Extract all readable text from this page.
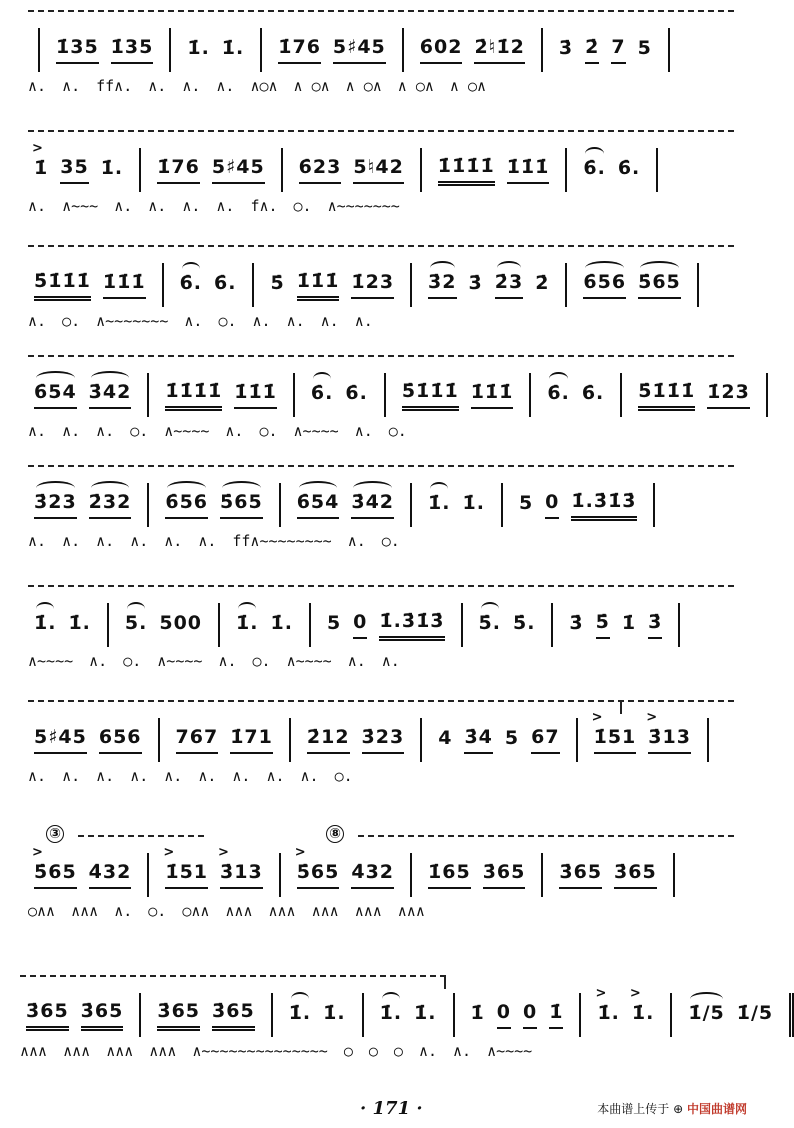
1̇35 1̇35 1̇. 1̇. 1̇76 5♯45 6̇02 2̇♮1̇2 3̇ 2̇ 7 5
∧. ∧. ff∧. ∧. ∧. ∧. ∧○∧ ∧ ○∧ ∧ ○∧ ∧ ○∧ ∧ ○∧
> 1̇ 35 1̇. 1̇76 5♯45 6̇23 5♮42 1̇1̇1̇1̇ 1̇1̇1̇ 6̇. 6̇.
∧. ∧~~~ ∧. ∧. ∧. ∧. f∧. ○. ∧~~~~~~~
5̇1̇1̇1̇ 1̇1̇1̇ 6̇. 6̇. 5̇ 1̇1̇1̇ 1̇23 3̇2 3̇ 2̇3 2̇ 6̇56 5̇65
∧. ○. ∧~~~~~~~ ∧. ○. ∧. ∧. ∧. ∧.
6̇54 3̇42 1̇1̇1̇1̇ 1̇1̇1̇ 6̇. 6̇. 5̇1̇1̇1̇ 1̇1̇1̇ 6̇. 6̇. 5̇1̇1̇1̇ 1̇23
∧. ∧. ∧. ○. ∧~~~~ ∧. ○. ∧~~~~ ∧. ○.
3̇23 2̇32 6̇56 5̇65 6̇54 3̇42 1̇. 1̇. 5 0 1̇.3̇1̇3̇
∧. ∧. ∧. ∧. ∧. ∧. ff∧~~~~~~~~ ∧. ○.
1̇. 1̇. 5. 500 1̇. 1̇. 5 0 1̇.3̇1̇3̇ 5̇. 5̇. 3̇ 5̇ 1̇ 3̇
∧~~~~ ∧. ○. ∧~~~~ ∧. ○. ∧~~~~ ∧. ∧.
5♯45 656 767 1̇71 2̇12 3̇23 4 3̇4 5 67 > 1̇51 > 3̇13
∧. ∧. ∧. ∧. ∧. ∧. ∧. ∧. ∧. ○.
③	⑧
> 5̇65 4̇32 > 1̇51 > 3̇13 > 5̇65 4̇32 1̇65 3̇65 3̇65 3̇65
○∧∧ ∧∧∧ ∧. ○. ○∧∧ ∧∧∧ ∧∧∧ ∧∧∧ ∧∧∧ ∧∧∧
3̇65 3̇65 3̇65 3̇65 1̇. 1̇. 1̇. 1̇. 1̇ 0 0 1̇ > 1̇. > 1̇. 1̇/5 1̇/5
∧∧∧ ∧∧∧ ∧∧∧ ∧∧∧ ∧~~~~~~~~~~~~~~ ○ ○ ○ ∧. ∧. ∧~~~~
· 171 ·	本曲谱上传于 ⊕ 中国曲谱网
